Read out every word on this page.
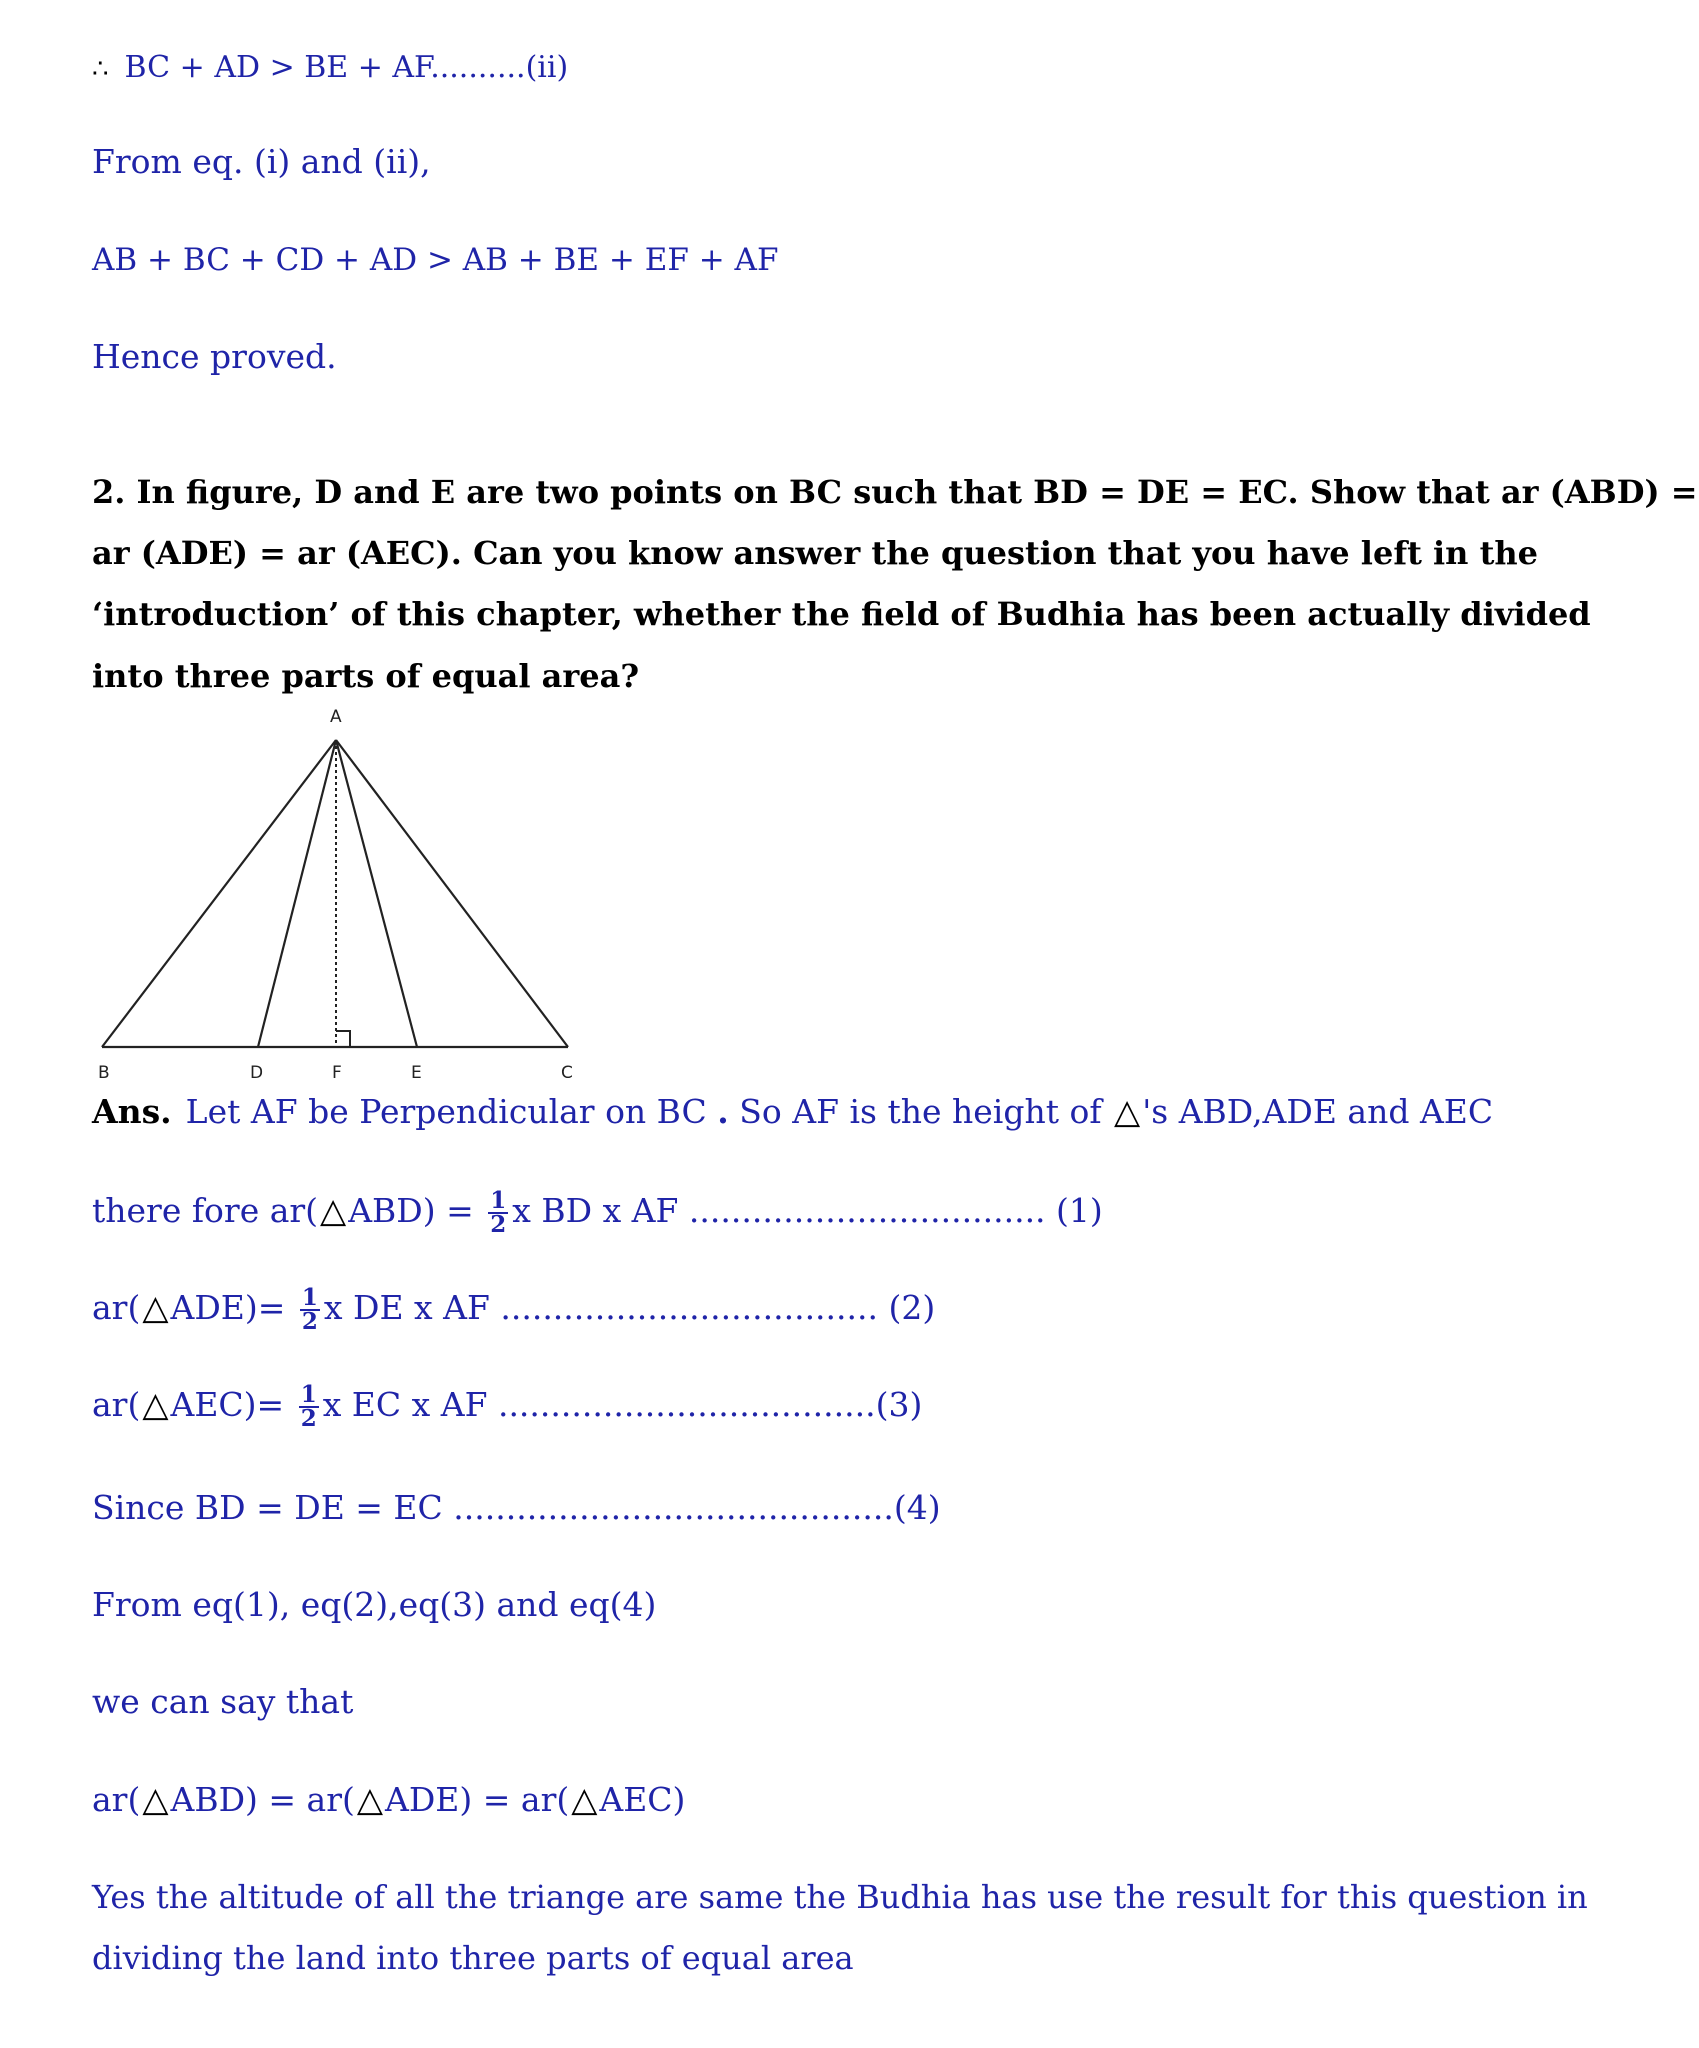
∴ BC + AD > BE + AF..........(ii)
From eq. (i) and (ii),
AB + BC + CD + AD > AB + BE + EF + AF
Hence proved.
2. In figure, D and E are two points on BC such that BD = DE = EC. Show that ar (ABD) =
ar (ADE) = ar (AEC). Can you know answer the question that you have left in the
‘introduction’ of this chapter, whether the field of Budhia has been actually divided
into three parts of equal area?
A
B	D	F	E	C
Ans. Let AF be Perpendicular on BC . So AF is the height of △'s ABD,ADE and AEC
there fore ar(△ABD) = $\frac{1}{2}$ x BD x AF .................................. (1)
ar(△ADE)= $\frac{1}{2}$ x DE x AF .................................... (2)
ar(△AEC)= $\frac{1}{2}$ x EC x AF ....................................(3)
Since BD = DE = EC ..........................................(4)
From eq(1), eq(2),eq(3) and eq(4)
we can say that
ar(△ABD) = ar(△ADE) = ar(△AEC)
Yes the altitude of all the triange are same the Budhia has use the result for this question in
dividing the land into three parts of equal area
